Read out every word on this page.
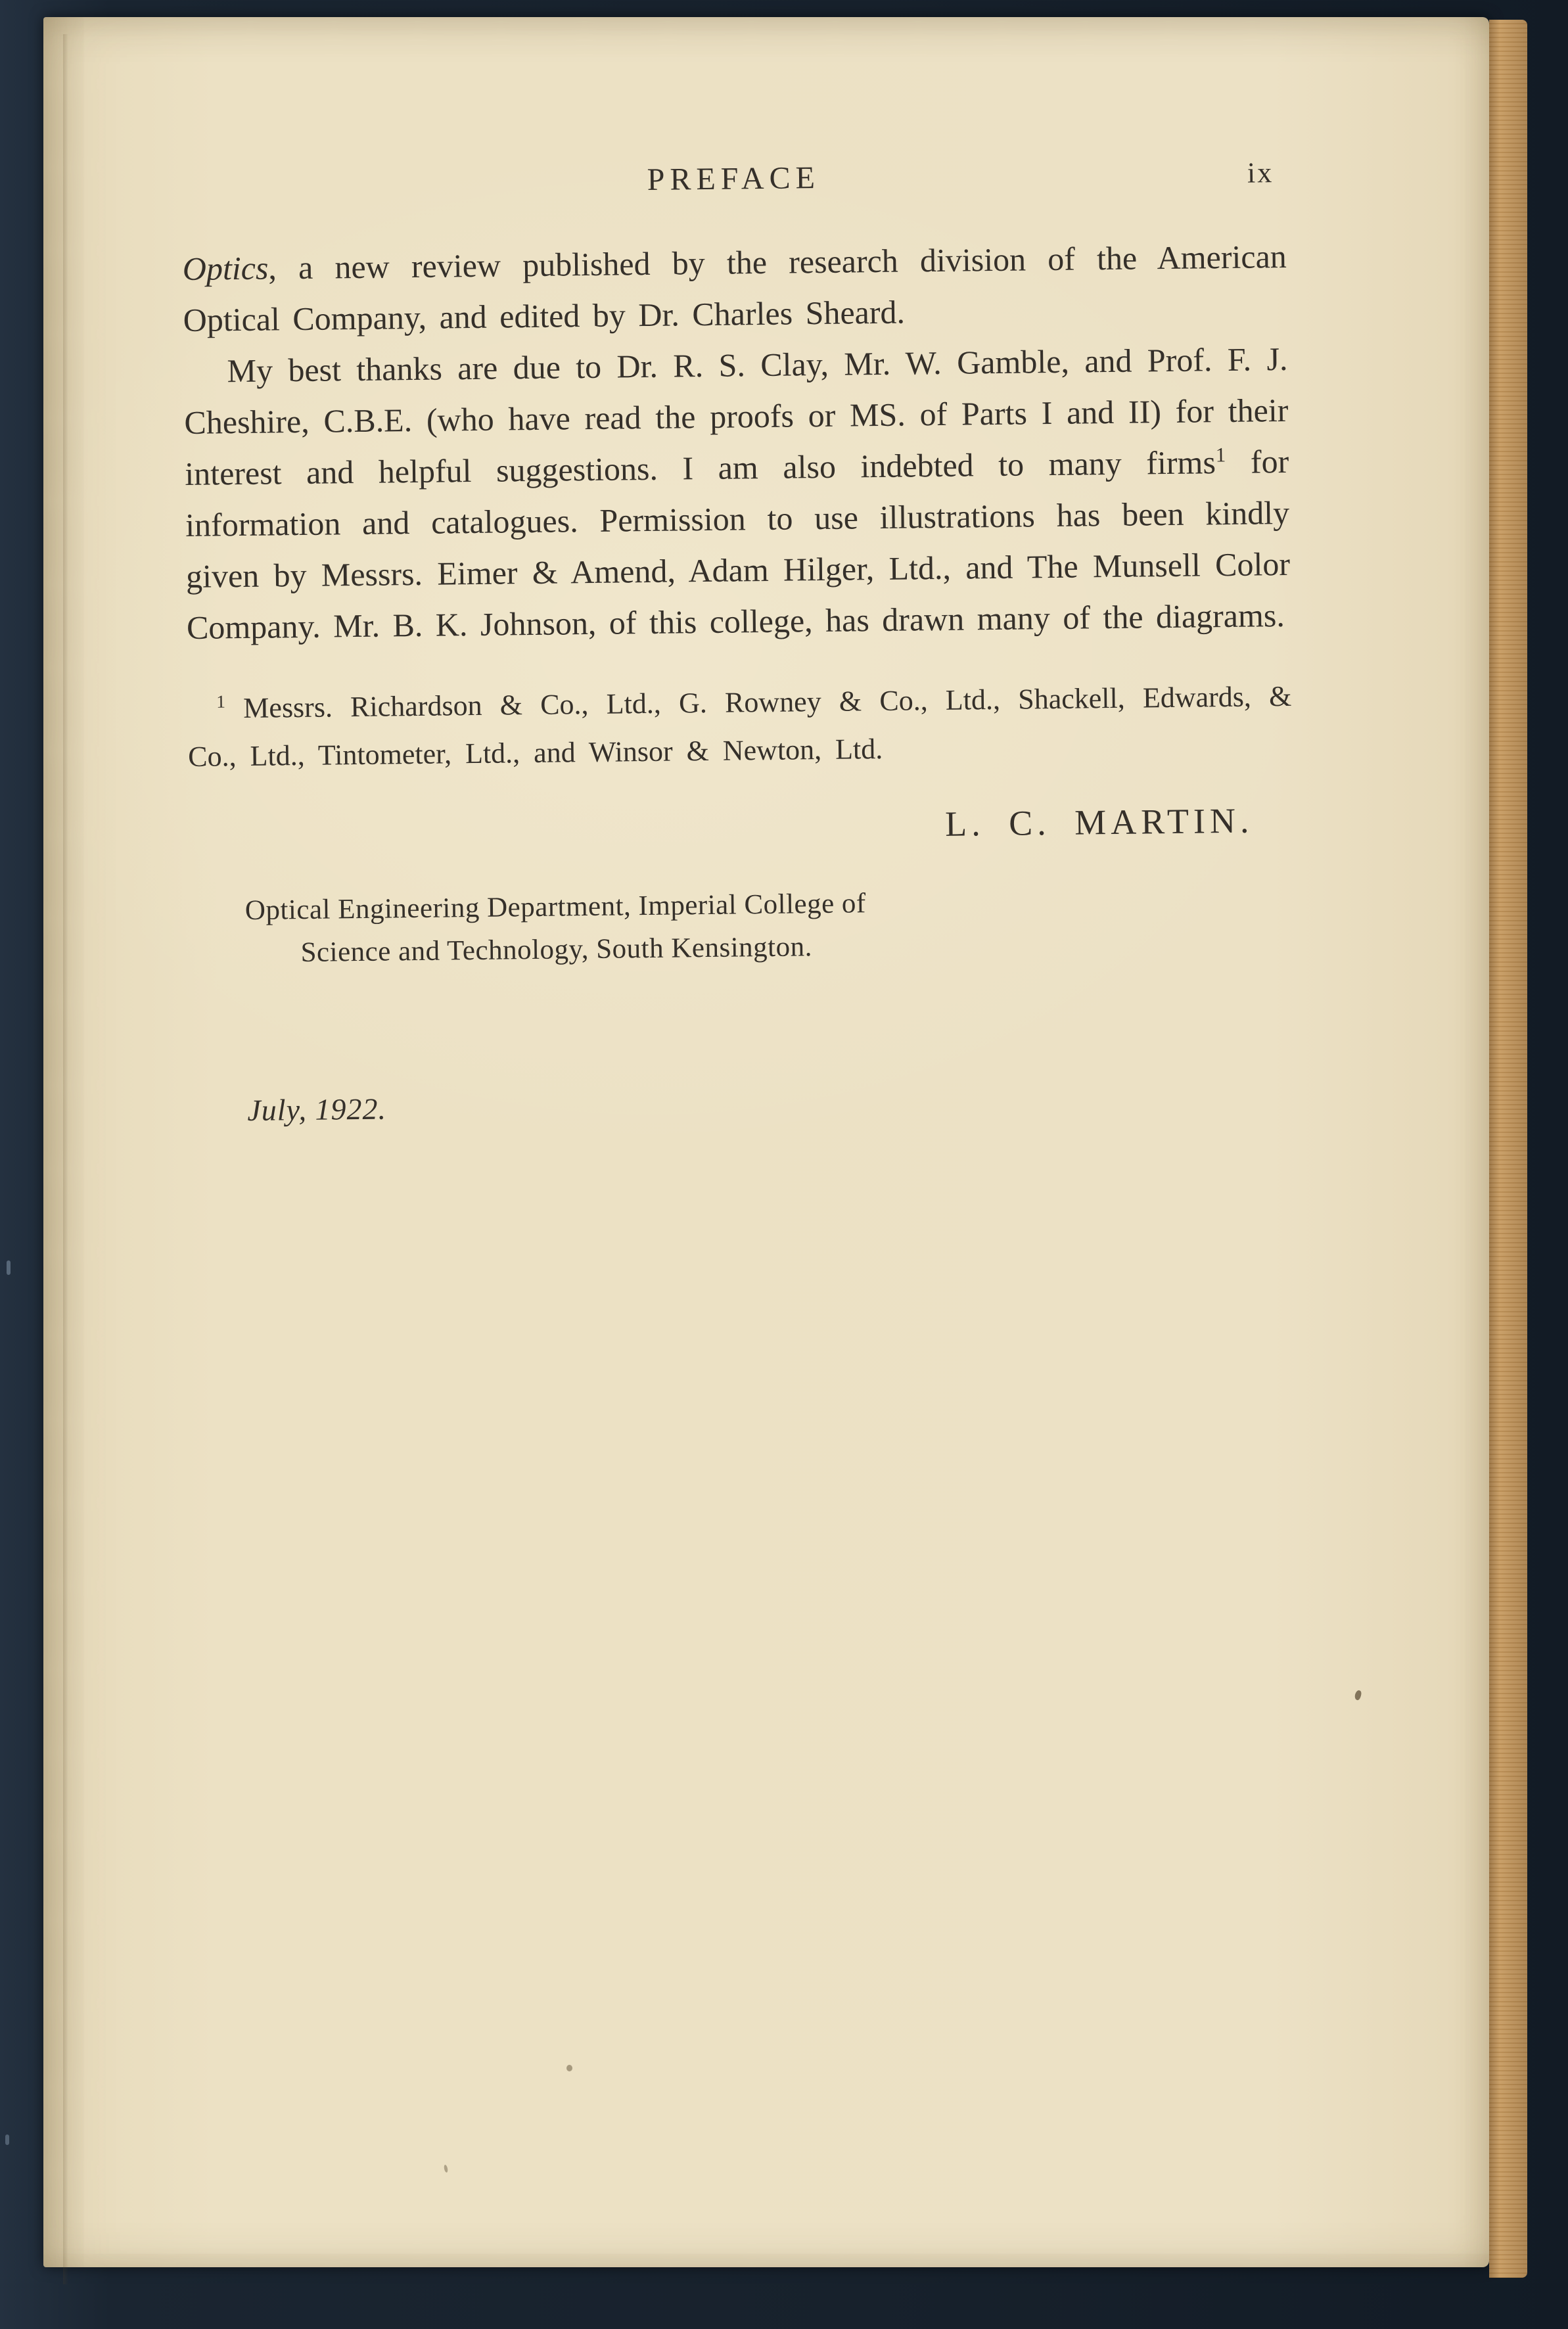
PREFACE	ix

Optics, a new review published by the research division of the American Optical Company, and edited by Dr. Charles Sheard.

My best thanks are due to Dr. R. S. Clay, Mr. W. Gamble, and Prof. F. J. Cheshire, C.B.E. (who have read the proofs or MS. of Parts I and II) for their interest and helpful suggestions. I am also indebted to many firms$^1$ for information and catalogues. Permission to use illustrations has been kindly given by Messrs. Eimer & Amend, Adam Hilger, Ltd., and The Munsell Color Company. Mr. B. K. Johnson, of this college, has drawn many of the diagrams.

$^1$ Messrs. Richardson & Co., Ltd., G. Rowney & Co., Ltd., Shackell, Edwards, & Co., Ltd., Tintometer, Ltd., and Winsor & Newton, Ltd.

L. C. MARTIN.
Optical Engineering Department, Imperial College of
Science and Technology, South Kensington.
July, 1922.
